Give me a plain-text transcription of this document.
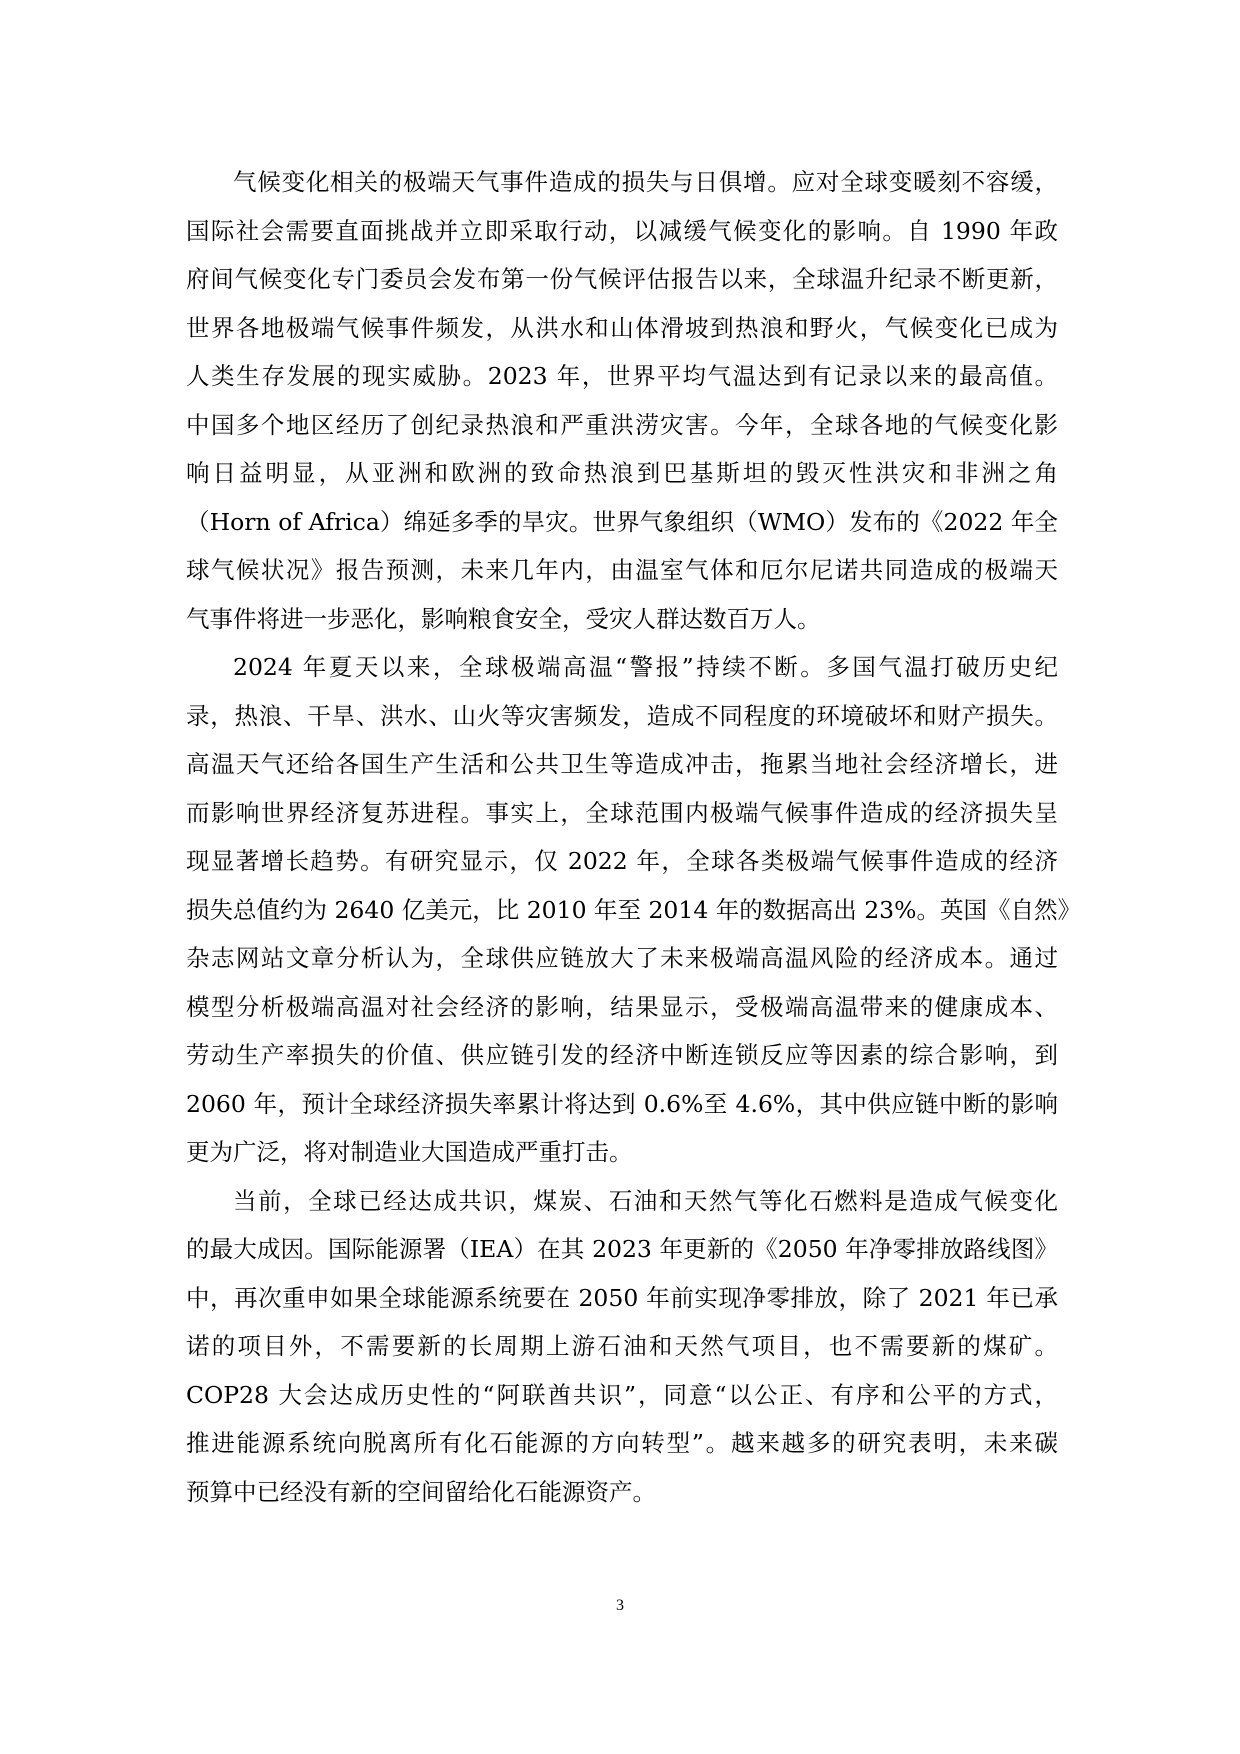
气候变化相关的极端天气事件造成的损失与日俱增。应对全球变暖刻不容缓，
国际社会需要直面挑战并立即采取行动，以减缓气候变化的影响。自 1990 年政
府间气候变化专门委员会发布第一份气候评估报告以来，全球温升纪录不断更新，
世界各地极端气候事件频发，从洪水和山体滑坡到热浪和野火，气候变化已成为
人类生存发展的现实威胁。2023 年，世界平均气温达到有记录以来的最高值。
中国多个地区经历了创纪录热浪和严重洪涝灾害。今年，全球各地的气候变化影
响日益明显，从亚洲和欧洲的致命热浪到巴基斯坦的毁灭性洪灾和非洲之角
（Horn of Africa）绵延多季的旱灾。世界气象组织（WMO）发布的《2022 年全
球气候状况》报告预测，未来几年内，由温室气体和厄尔尼诺共同造成的极端天
气事件将进一步恶化，影响粮食安全，受灾人群达数百万人。
2024 年夏天以来，全球极端高温“警报”持续不断。多国气温打破历史纪
录，热浪、干旱、洪水、山火等灾害频发，造成不同程度的环境破坏和财产损失。
高温天气还给各国生产生活和公共卫生等造成冲击，拖累当地社会经济增长，进
而影响世界经济复苏进程。事实上，全球范围内极端气候事件造成的经济损失呈
现显著增长趋势。有研究显示，仅 2022 年，全球各类极端气候事件造成的经济
损失总值约为 2640 亿美元，比 2010 年至 2014 年的数据高出 23%。英国《自然》
杂志网站文章分析认为，全球供应链放大了未来极端高温风险的经济成本。通过
模型分析极端高温对社会经济的影响，结果显示，受极端高温带来的健康成本、
劳动生产率损失的价值、供应链引发的经济中断连锁反应等因素的综合影响，到
2060 年，预计全球经济损失率累计将达到 0.6%至 4.6%，其中供应链中断的影响
更为广泛，将对制造业大国造成严重打击。
当前，全球已经达成共识，煤炭、石油和天然气等化石燃料是造成气候变化
的最大成因。国际能源署（IEA）在其 2023 年更新的《2050 年净零排放路线图》
中，再次重申如果全球能源系统要在 2050 年前实现净零排放，除了 2021 年已承
诺的项目外，不需要新的长周期上游石油和天然气项目，也不需要新的煤矿。
COP28 大会达成历史性的“阿联酋共识”，同意“以公正、有序和公平的方式，
推进能源系统向脱离所有化石能源的方向转型”。越来越多的研究表明，未来碳
预算中已经没有新的空间留给化石能源资产。
3
